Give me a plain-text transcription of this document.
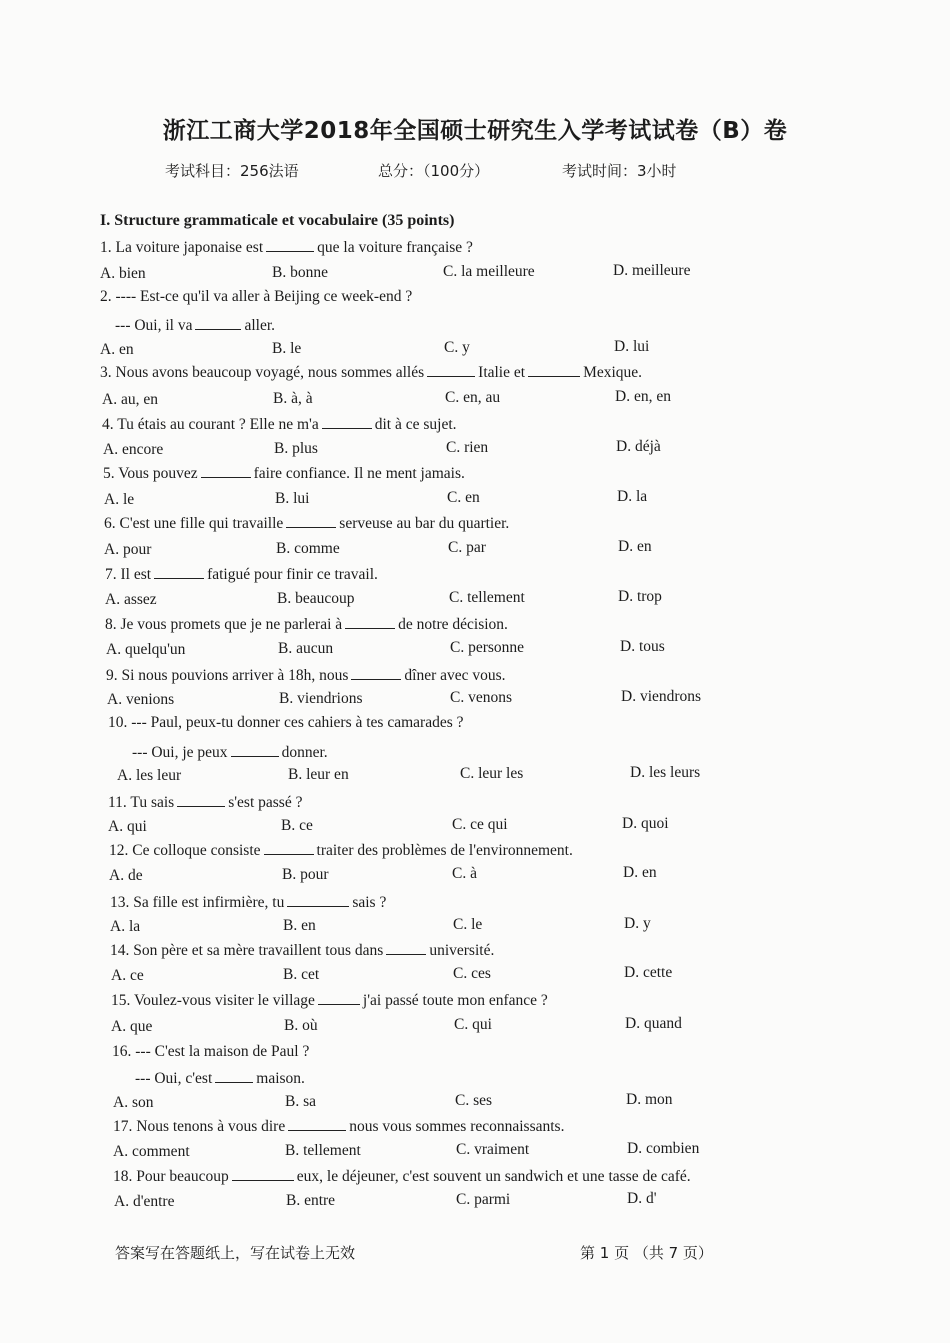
浙江工商大学2018年全国硕士研究生入学考试试卷（B）卷
考试科目：256法语	总分：（100分）	考试时间：3小时
I. Structure grammaticale et vocabulaire (35 points)
1. La voiture japonaise est	que la voiture française ?
A. bien	B. bonne	C. la meilleure	D. meilleure
2. ---- Est-ce qu'il va aller à Beijing ce week-end ?
--- Oui, il va	aller.
A. en	B. le	C. y	D. lui
3. Nous avons beaucoup voyagé, nous sommes allés	Italie et	Mexique.
A. au, en	B. à, à	C. en, au	D. en, en
4. Tu étais au courant ? Elle ne m'a	dit à ce sujet.
A. encore	B. plus	C. rien	D. déjà
5. Vous pouvez	faire confiance. Il ne ment jamais.
A. le	B. lui	C. en	D. la
6. C'est une fille qui travaille	serveuse au bar du quartier.
A. pour	B. comme	C. par	D. en
7. Il est	fatigué pour finir ce travail.
A. assez	B. beaucoup	C. tellement	D. trop
8. Je vous promets que je ne parlerai à	de notre décision.
A. quelqu'un	B. aucun	C. personne	D. tous
9. Si nous pouvions arriver à 18h, nous	dîner avec vous.
A. venions	B. viendrions	C. venons	D. viendrons
10. --- Paul, peux-tu donner ces cahiers à tes camarades ?
--- Oui, je peux	donner.
A. les leur	B. leur en	C. leur les	D. les leurs
11. Tu sais	s'est passé ?
A. qui	B. ce	C. ce qui	D. quoi
12. Ce colloque consiste	traiter des problèmes de l'environnement.
A. de	B. pour	C. à	D. en
13. Sa fille est infirmière, tu	sais ?
A. la	B. en	C. le	D. y
14. Son père et sa mère travaillent tous dans	université.
A. ce	B. cet	C. ces	D. cette
15. Voulez-vous visiter le village	j'ai passé toute mon enfance ?
A. que	B. où	C. qui	D. quand
16. --- C'est la maison de Paul ?
--- Oui, c'est	maison.
A. son	B. sa	C. ses	D. mon
17. Nous tenons à vous dire	nous vous sommes reconnaissants.
A. comment	B. tellement	C. vraiment	D. combien
18. Pour beaucoup	eux, le déjeuner, c'est souvent un sandwich et une tasse de café.
A. d'entre	B. entre	C. parmi	D. d'
答案写在答题纸上，写在试卷上无效	第 1 页 （共 7 页）
